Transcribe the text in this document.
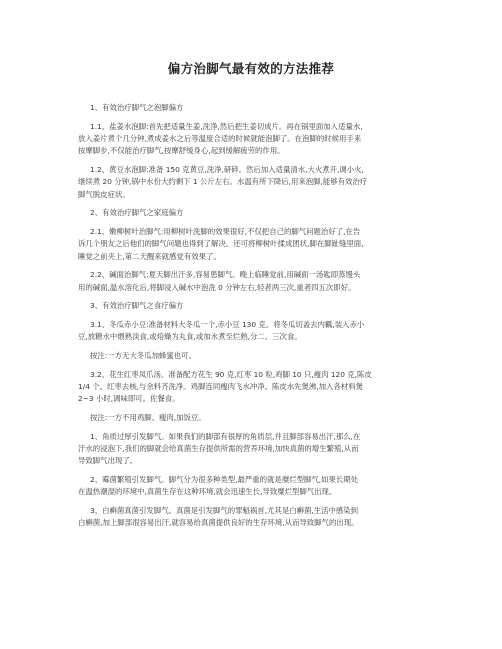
偏方治脚气最有效的方法推荐
1、有效治疗脚气之泡脚偏方
1.1、盐姜水泡脚:首先把适量生姜,洗净,然后把生姜切成片。再在锅里面加入适量水,
放入姜片煮个几分钟,煮成姜水之后等温度合适的时候就能泡脚了。在泡脚的时候用手来
按摩脚步,不仅能治疗脚气,按摩舒缓身心,起到缓解疲劳的作用。
1.2、黄豆水泡脚:准备 150 克黄豆,洗净,研碎。然后加入适量清水,大火煮开,调小火,
继续煮 20 分钟,锅中水份大约剩下 1 公斤左右。水温有所下降后,用来泡脚,能够有效治疗
脚气脱皮症状。
2、有效治疗脚气之家庭偏方
2.1、嫩柳树叶治脚气:用柳树叶洗脚的效果很好,不仅把自己的脚气问题治好了,在告
诉几个朋友之后他们的脚气问题也得到了解决。还可将柳树叶揉成团状,脚在脚趾缝里面,
睡觉之前夹上,第二天醒来就感觉有效果了。
2.2、碱面治脚气:夏天脚出汗多,容易患脚气。晚上临睡觉前,用碱面一汤匙即蒸馒头
用的碱面,温水溶化后,将脚浸入碱水中泡洗 0 分钟左右,轻者两三次,重者四五次即好。
3、有效治疗脚气之食疗偏方
3.1、冬瓜赤小豆:准备材料大冬瓜一个,赤小豆 130 克。将冬瓜切盖去内瓤,装入赤小
豆,放糖水中煨熟淡食,或焙燥为丸食,或加水煮至烂熟,分二、三次食。
按注:一方无大冬瓜加蜂蜜也可。
3.2、花生红枣凤爪汤。准备配方花生 90 克,红枣 10 粒,鸡脚 10 只,瘦肉 120 克,陈皮
1/4 个。红枣去核,与余料齐洗净。鸡脚连同瘦肉飞水冲净。陈皮水先煲沸,加入各材料煲
2~3 小时,调味即可。佐餐食。
按注:一方不用鸡脚、瘦肉,加饭豆。
1、角质过厚引发脚气。如果我们的脚部有很厚的角质层,并且脚部容易出汗,那么,在
汗水的浸泡下,我们的脚就会给真菌生存提供所需的营养环境,加快真菌的增生繁殖,从而
导致脚气出现了。
2、霉菌繁殖引发脚气。脚气分为很多种类型,最严重的就是糜烂型脚气,如果长期处
在温热潮湿的环境中,真菌生存在这种环境,就会迅速生长,导致糜烂型脚气出现。
3、白癣菌真菌引发脚气。真菌是引发脚气的罪魁祸首,尤其是白癣菌,生活中感染到
白癣菌,加上脚部很容易出汗,就容易给真菌提供良好的生存环境,从而导致脚气的出现。
